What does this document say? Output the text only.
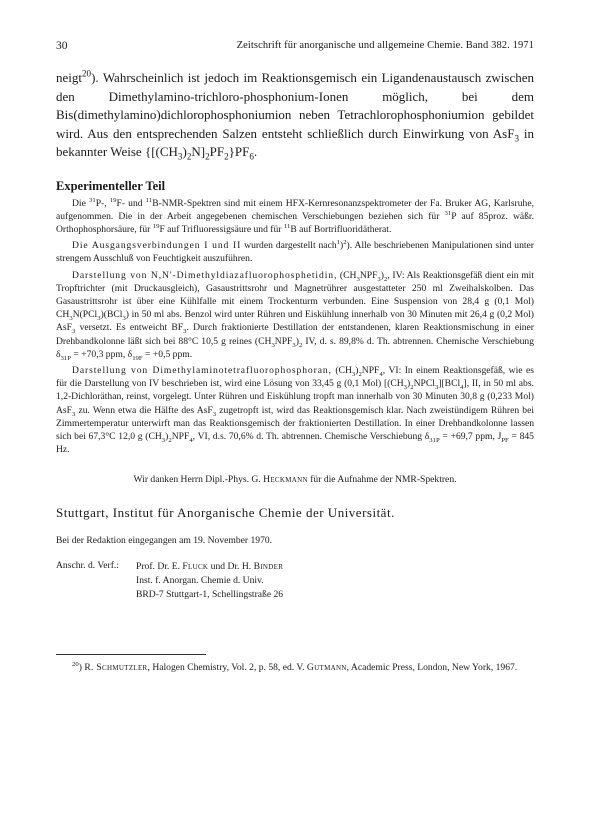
30	Zeitschrift für anorganische und allgemeine Chemie. Band 382. 1971

neigt$^{20}$). Wahrscheinlich ist jedoch im Reaktionsgemisch ein Ligandenaustausch zwischen den Dimethylamino-trichloro-phosphonium-Ionen möglich, bei dem Bis(dimethylamino)dichlorophosphoniumion neben Tetrachlorophosphoniumion gebildet wird. Aus den entsprechenden Salzen entsteht schließlich durch Einwirkung von AsF$_3$ in bekannter Weise $\{[(CH_3)_2N]_2PF_2\}PF_6$.

Experimenteller Teil

Die $^{31}$P-, $^{19}$F- und $^{11}$B-NMR-Spektren sind mit einem HFX-Kernresonanzspektrometer der Fa. Bruker AG, Karlsruhe, aufgenommen. Die in der Arbeit angegebenen chemischen Verschiebungen beziehen sich für $^{31}$P auf 85proz. wäßr. Orthophosphorsäure, für $^{19}$F auf Trifluoressigsäure und für $^{11}$B auf Bortrifluoridätherat.

Die Ausgangsverbindungen I und II wurden dargestellt nach$^1$)$^2$). Alle beschriebenen Manipulationen sind unter strengem Ausschluß von Feuchtigkeit auszuführen.

Darstellung von N,N'-Dimethyldiazafluorophosphetidin, $(CH_3NPF_3)_2$, IV: Als Reaktionsgefäß dient ein mit Tropftrichter (mit Druckausgleich), Gasaustrittsrohr und Magnetrührer ausgestatteter 250 ml Zweihalskolben. Das Gasaustrittsrohr ist über eine Kühlfalle mit einem Trockenturm verbunden. Eine Suspension von 28,4 g (0,1 Mol) $CH_3N(PCl_3)(BCl_3)$ in 50 ml abs. Benzol wird unter Rühren und Eiskühlung innerhalb von 30 Minuten mit 26,4 g (0,2 Mol) AsF$_3$ versetzt. Es entweicht $BF_3$. Durch fraktionierte Destillation der entstandenen, klaren Reaktionsmischung in einer Drehbandkolonne läßt sich bei 88°C 10,5 g reines $(CH_3NPF_3)_2$ IV, d. s. 89,8% d. Th. abtrennen. Chemische Verschiebung $\delta_{31P} = +70,3$ ppm, $\delta_{19F} = +0,5$ ppm.

Darstellung von Dimethylaminotetrafluorophosphoran, $(CH_3)_2NPF_4$, VI: In einem Reaktionsgefäß, wie es für die Darstellung von IV beschrieben ist, wird eine Lösung von 33,45 g (0,1 Mol) $[(CH_3)_2NPCl_3][BCl_4]$, II, in 50 ml abs. 1,2-Dichloräthan, reinst, vorgelegt. Unter Rühren und Eiskühlung tropft man innerhalb von 30 Minuten 30,8 g (0,233 Mol) AsF$_3$ zu. Wenn etwa die Hälfte des AsF$_3$ zugetropft ist, wird das Reaktionsgemisch klar. Nach zweistündigem Rühren bei Zimmertemperatur unterwirft man das Reaktionsgemisch der fraktionierten Destillation. In einer Drehbandkolonne lassen sich bei 67,3°C 12,0 g $(CH_3)_2NPF_4$, VI, d.s. 70,6% d. Th. abtrennen. Chemische Verschiebung $\delta_{31P} = +69,7$ ppm, $J_{PF} = 845$ Hz.

Wir danken Herrn Dipl.-Phys. G. Heckmann für die Aufnahme der NMR-Spektren.
Stuttgart, Institut für Anorganische Chemie der Universität.
Bei der Redaktion eingegangen am 19. November 1970.
Anschr. d. Verf.:	Prof. Dr. E. Fluck und Dr. H. Binder
Inst. f. Anorgan. Chemie d. Univ.
BRD-7 Stuttgart-1, Schellingstraße 26
$^{20}$) R. Schmutzler, Halogen Chemistry, Vol. 2, p. 58, ed. V. Gutmann, Academic Press, London, New York, 1967.
